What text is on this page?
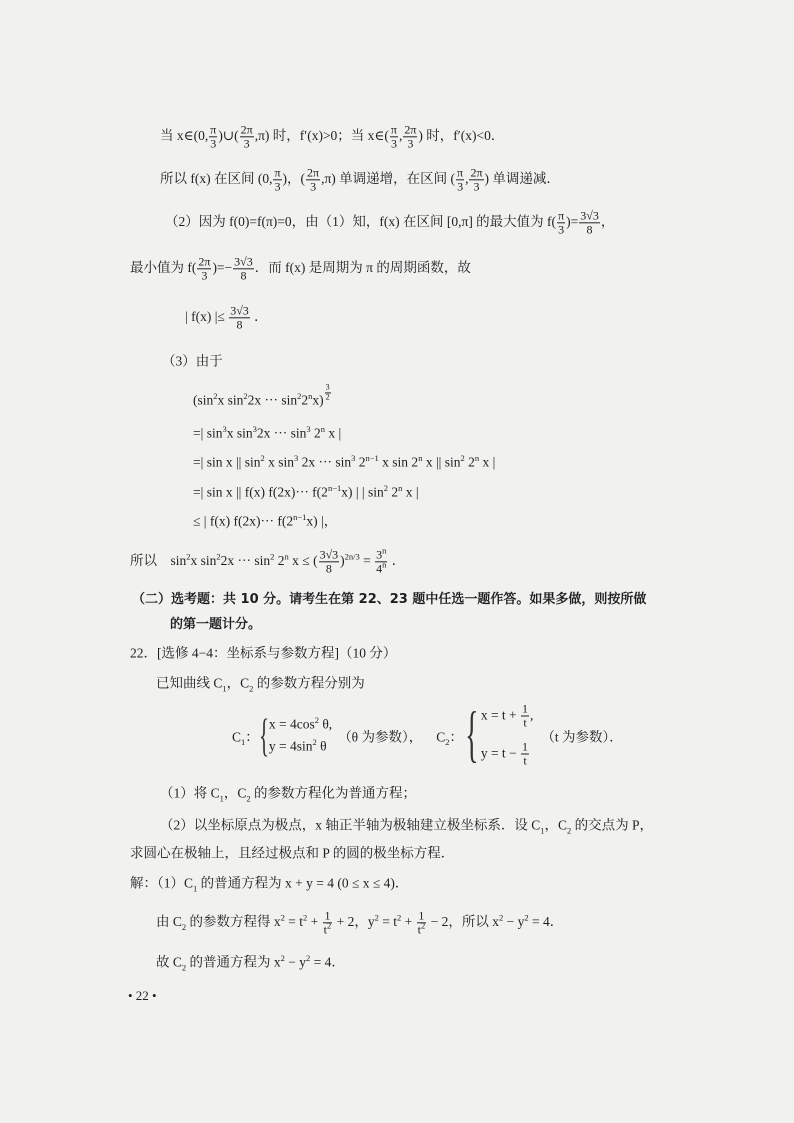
当 x∈(0, $\frac{\pi}{3}$ )∪( $\frac{2\pi}{3} ,\pi$) 时，f′(x)>0；当 x∈( $\frac{\pi}{3}$ , $\frac{2\pi}{3}$ ) 时，f′(x)<0．
所以 f(x) 在区间 (0, $\frac{\pi}{3}$ )，( $\frac{2\pi}{3} ,\pi$) 单调递增，在区间 ( $\frac{\pi}{3}$ , $\frac{2\pi}{3}$ ) 单调递减．
（2）因为 f(0)=f(π)=0，由（1）知，f(x) 在区间 [0,π] 的最大值为 $f( \frac{\pi}{3}$ )= $\frac{3√3}{8}$ ，
最小值为 $f( \frac{2\pi}{3}$ )=− $\frac{3√3}{8}$ ．而 f(x) 是周期为 π 的周期函数，故
| f(x) |≤ $\frac{3√3}{8}$ ．
（3）由于
($\sin^2x$ $\sin^22x$ ··· $\sin^22^nx$) $^{\frac{3}{2}}$
=| $\sin^3x$ $\sin^32x$ ··· $\sin^3 2^n$ x |
=| sin x || $\sin^2 x$ $\sin^3 2x$ ··· $\sin^3 2^{n-1}$ x sin 2$^n$ x || $\sin^2 2^n$ x |
=| sin x || f(x) $f(2x)\cdot\cdot\cdot f(2^{n-1}x)$ | | $\sin^2 2^n$ x |
≤ | f(x) $f(2x)\cdot\cdot\cdot f(2^{n-1}x)$ |，
所以　$\sin^2x$ $\sin^22x$ ··· $\sin^2 2^n$ x ≤ ( $\frac{3√3}{8} )^{2n/3} = \frac{3^n}{4^n}$ ．
（二）选考题：共 10 分。请考生在第 22、23 题中任选一题作答。如果多做，则按所做
的第一题计分。
22．[选修 4−4：坐标系与参数方程]（10 分）
已知曲线 $C_1$，$C_2$ 的参数方程分别为
$C_1$： { $x = 4\cos^2$ θ,
$y = 4\sin^2$ θ
（θ 为参数）， $C_2$： { $x = t + \frac{1}{t}$ ,
$y = t - \frac{1}{t}$
（t 为参数）．
（1）将 $C_1$，$C_2$ 的参数方程化为普通方程；
（2）以坐标原点为极点，x 轴正半轴为极轴建立极坐标系．设 $C_1$，$C_2$ 的交点为 P，
求圆心在极轴上，且经过极点和 P 的圆的极坐标方程．
解：$(1)C_1$ 的普通方程为 x + y = 4 (0 ≤ x ≤ 4)．
由 $C_2$ 的参数方程得 $x^2 = t^2 + \frac{1}{t^2} + 2$，$y^2 = t^2 + \frac{1}{t^2} - 2$，所以 $x^2 - y^2 = 4$．
故 $C_2$ 的普通方程为 $x^2 - y^2 = 4$．
• 22 •
